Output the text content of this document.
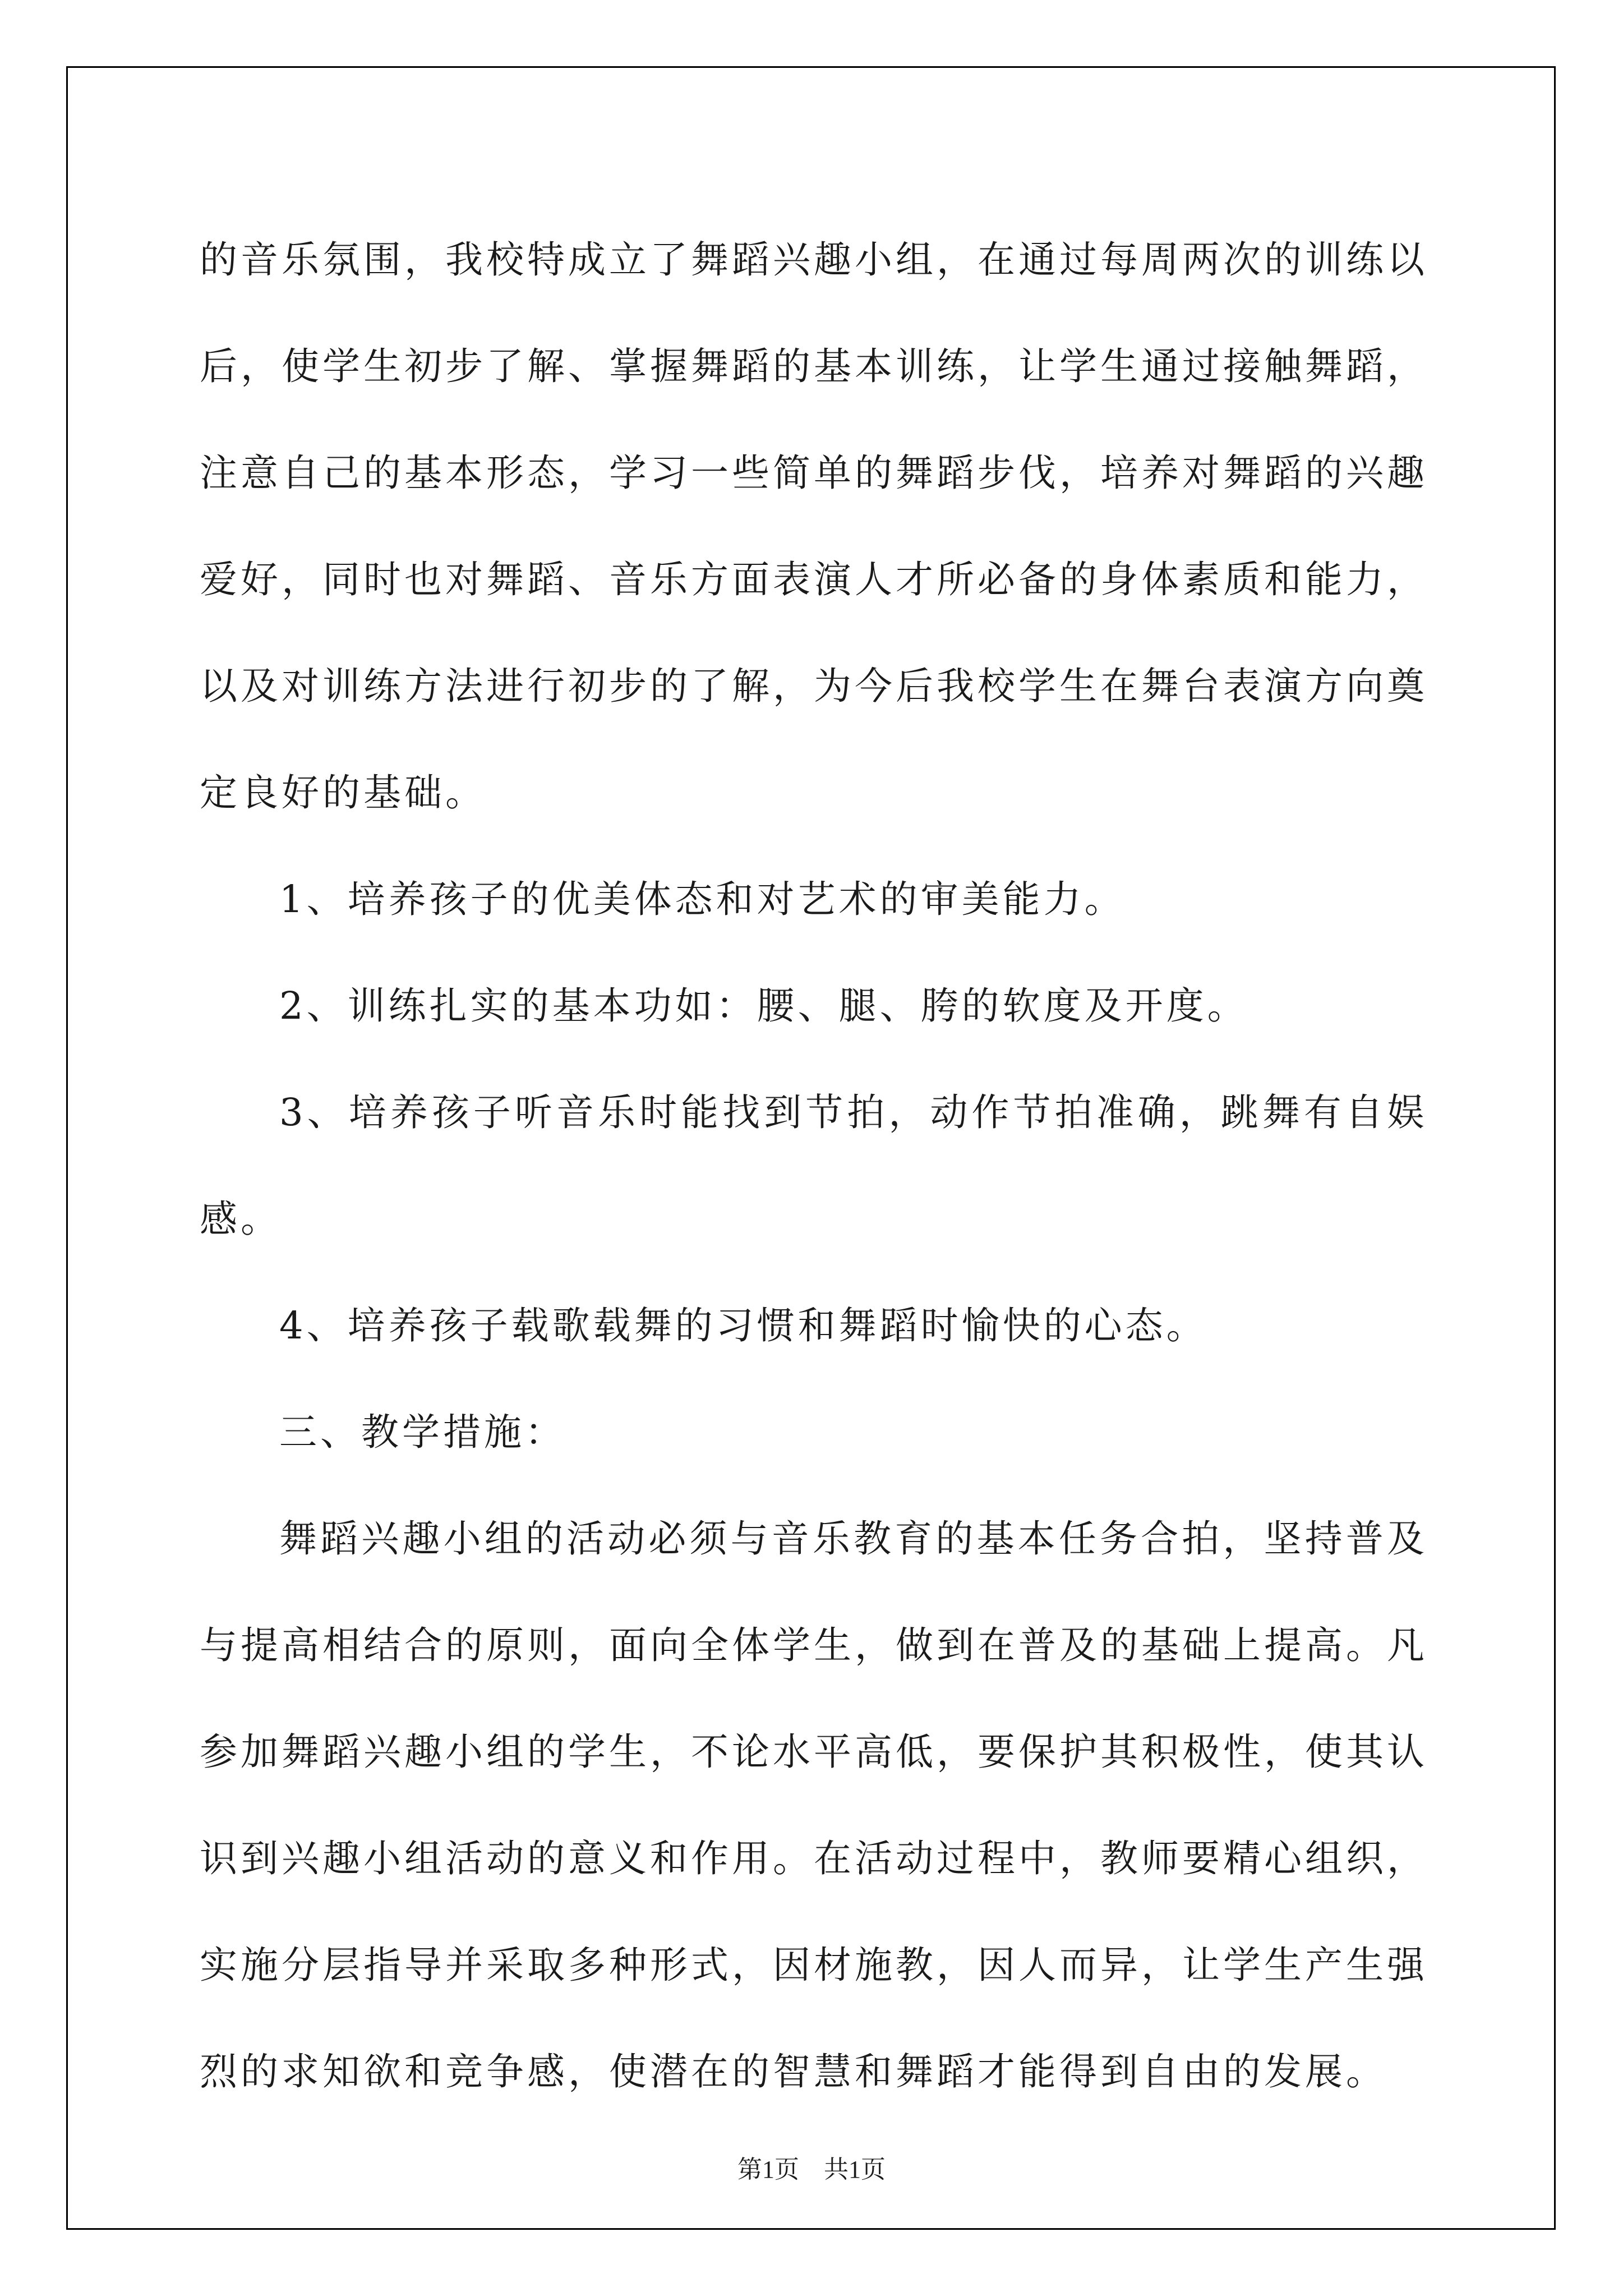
的音乐氛围，我校特成立了舞蹈兴趣小组，在通过每周两次的训练以后，使学生初步了解、掌握舞蹈的基本训练，让学生通过接触舞蹈，注意自己的基本形态，学习一些简单的舞蹈步伐，培养对舞蹈的兴趣爱好，同时也对舞蹈、音乐方面表演人才所必备的身体素质和能力，以及对训练方法进行初步的了解，为今后我校学生在舞台表演方向奠定良好的基础。

1、培养孩子的优美体态和对艺术的审美能力。

2、训练扎实的基本功如：腰、腿、胯的软度及开度。

3、培养孩子听音乐时能找到节拍，动作节拍准确，跳舞有自娱感。

4、培养孩子载歌载舞的习惯和舞蹈时愉快的心态。

三、教学措施：

舞蹈兴趣小组的活动必须与音乐教育的基本任务合拍，坚持普及与提高相结合的原则，面向全体学生，做到在普及的基础上提高。凡参加舞蹈兴趣小组的学生，不论水平高低，要保护其积极性，使其认识到兴趣小组活动的意义和作用。在活动过程中，教师要精心组织，实施分层指导并采取多种形式，因材施教，因人而异，让学生产生强烈的求知欲和竞争感，使潜在的智慧和舞蹈才能得到自由的发展。

第1页 共1页
